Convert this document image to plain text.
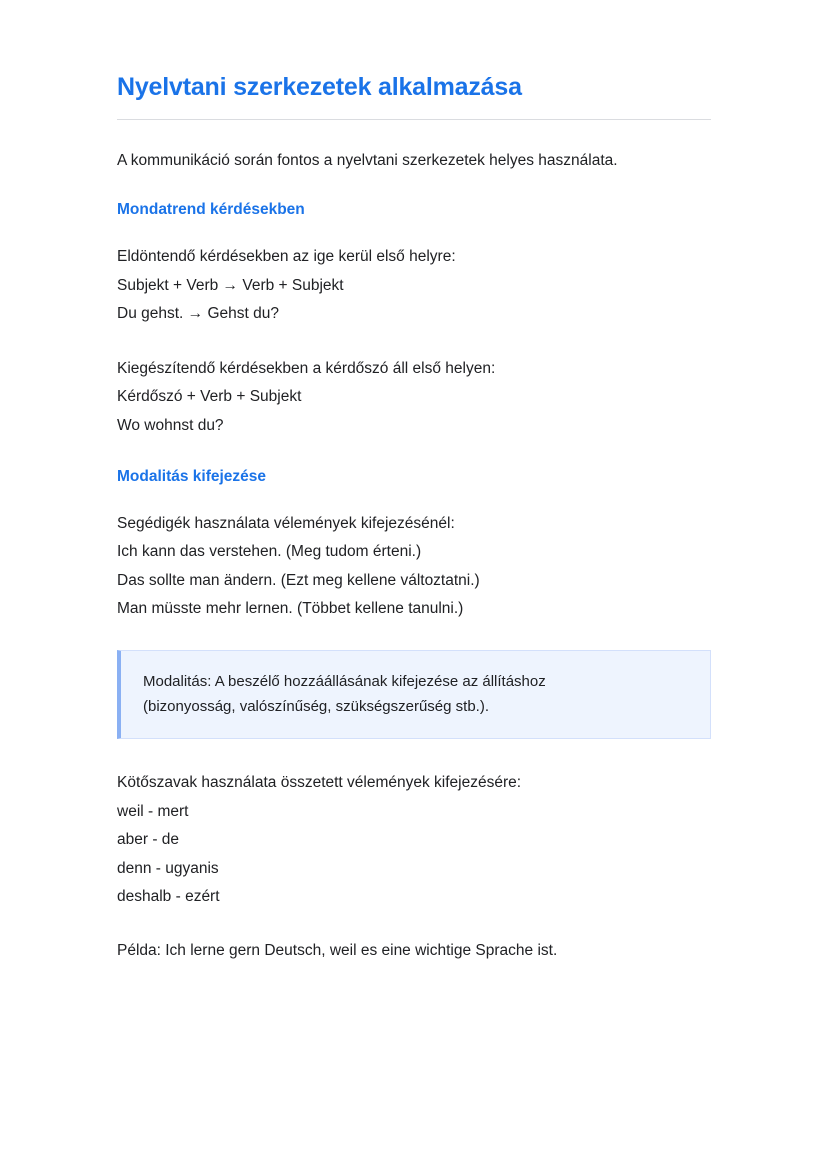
Nyelvtani szerkezetek alkalmazása

A kommunikáció során fontos a nyelvtani szerkezetek helyes használata.

Mondatrend kérdésekben
Eldöntendő kérdésekben az ige kerül első helyre:
Subjekt + Verb → Verb + Subjekt
Du gehst. → Gehst du?
Kiegészítendő kérdésekben a kérdőszó áll első helyen:
Kérdőszó + Verb + Subjekt
Wo wohnst du?
Modalitás kifejezése
Segédigék használata vélemények kifejezésénél:
Ich kann das verstehen. (Meg tudom érteni.)
Das sollte man ändern. (Ezt meg kellene változtatni.)
Man müsste mehr lernen. (Többet kellene tanulni.)
Modalitás: A beszélő hozzáállásának kifejezése az állításhoz
(bizonyosság, valószínűség, szükségszerűség stb.).
Kötőszavak használata összetett vélemények kifejezésére:
weil - mert
aber - de
denn - ugyanis
deshalb - ezért

Példa: Ich lerne gern Deutsch, weil es eine wichtige Sprache ist.
